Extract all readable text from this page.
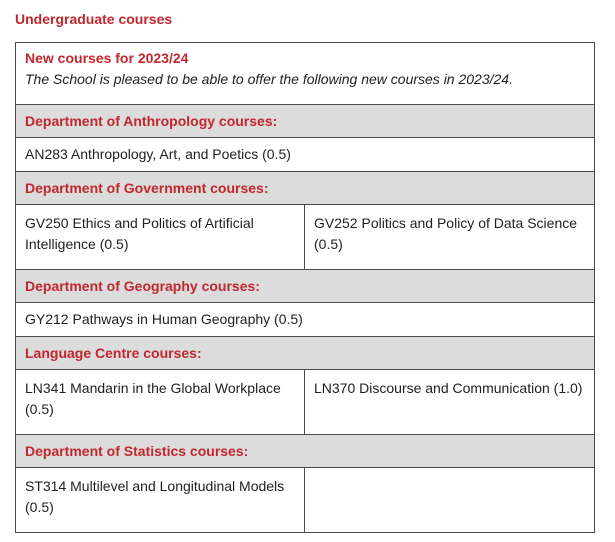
Undergraduate courses
New courses for 2023/24
The School is pleased to be able to offer the following new courses in 2023/24.	

Department of Anthropology courses:	
AN283 Anthropology, Art, and Poetics (0.5)	
Department of Government courses:	
GV250 Ethics and Politics of Artificial Intelligence (0.5)	GV252 Politics and Policy of Data Science (0.5)
Department of Geography courses:	
GY212 Pathways in Human Geography (0.5)	
Language Centre courses:	
LN341 Mandarin in the Global Workplace (0.5)	LN370 Discourse and Communication (1.0)
Department of Statistics courses:	
ST314 Multilevel and Longitudinal Models (0.5)	
